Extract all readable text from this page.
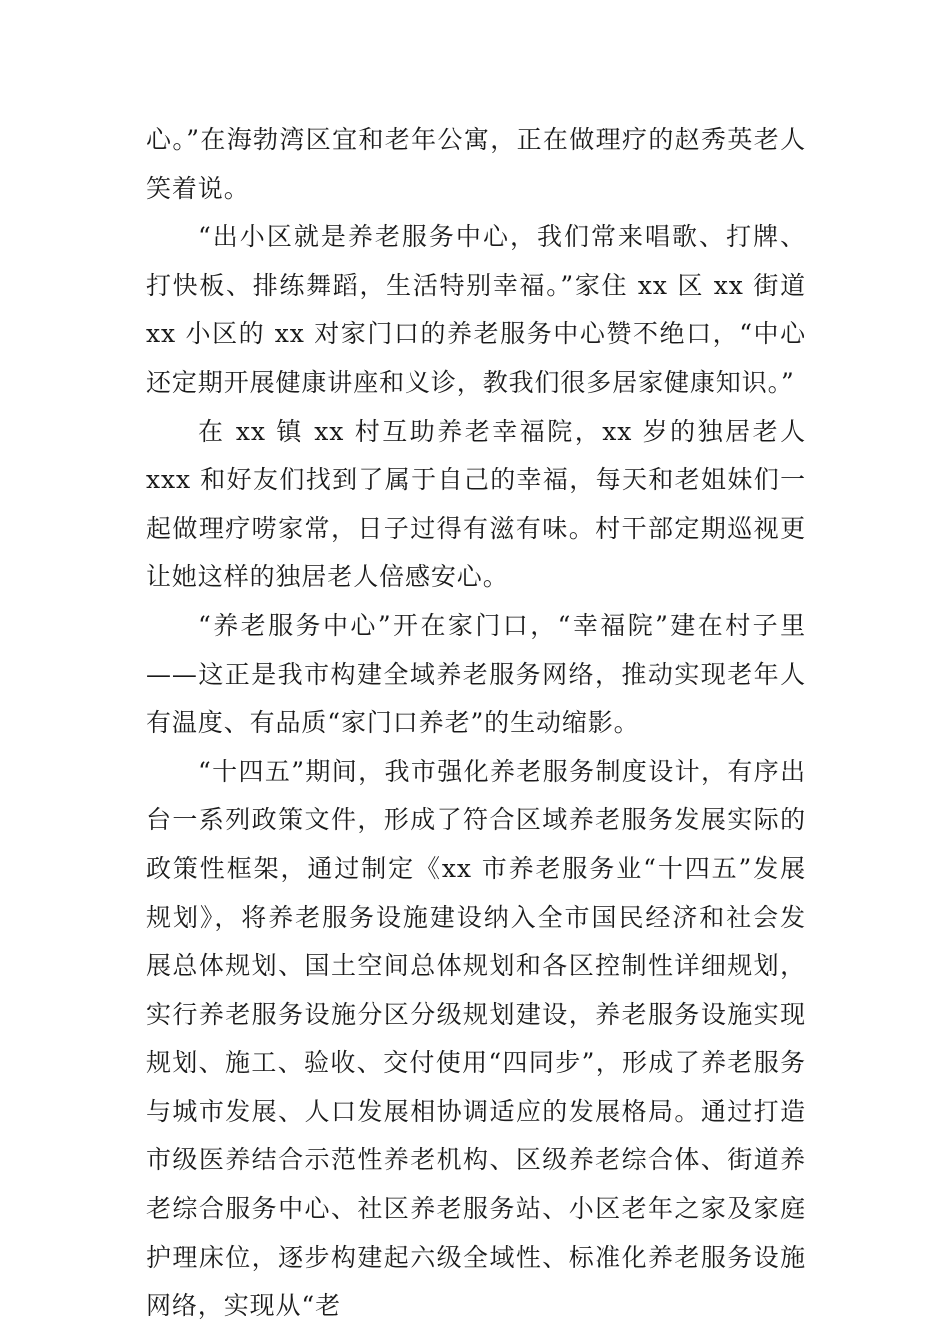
心。”在海勃湾区宜和老年公寓，正在做理疗的赵秀英老人笑着说。

“出小区就是养老服务中心，我们常来唱歌、打牌、打快板、排练舞蹈，生活特别幸福。”家住 xx 区 xx 街道 xx 小区的 xx 对家门口的养老服务中心赞不绝口，“中心还定期开展健康讲座和义诊，教我们很多居家健康知识。”

在 xx 镇 xx 村互助养老幸福院，xx 岁的独居老人 xxx 和好友们找到了属于自己的幸福，每天和老姐妹们一起做理疗唠家常，日子过得有滋有味。村干部定期巡视更让她这样的独居老人倍感安心。

“养老服务中心”开在家门口，“幸福院”建在村子里——这正是我市构建全域养老服务网络，推动实现老年人有温度、有品质“家门口养老”的生动缩影。

“十四五”期间，我市强化养老服务制度设计，有序出台一系列政策文件，形成了符合区域养老服务发展实际的政策性框架，通过制定《xx 市养老服务业“十四五”发展规划》，将养老服务设施建设纳入全市国民经济和社会发展总体规划、国土空间总体规划和各区控制性详细规划，实行养老服务设施分区分级规划建设，养老服务设施实现规划、施工、验收、交付使用“四同步”，形成了养老服务与城市发展、人口发展相协调适应的发展格局。通过打造市级医养结合示范性养老机构、区级养老综合体、街道养老综合服务中心、社区养老服务站、小区老年之家及家庭护理床位，逐步构建起六级全域性、标准化养老服务设施网络，实现从“老
